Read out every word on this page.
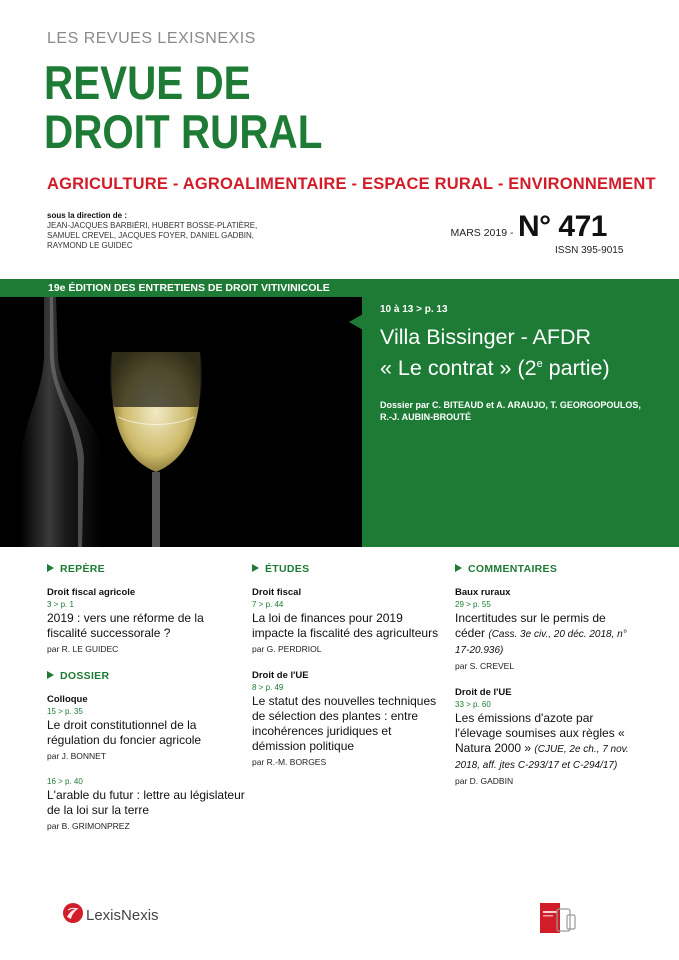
LES REVUES LEXISNEXIS
REVUE DE
DROIT RURAL
AGRICULTURE - AGROALIMENTAIRE - ESPACE RURAL - ENVIRONNEMENT
sous la direction de :
JEAN-JACQUES BARBIÉRI, HUBERT BOSSE-PLATIÈRE,
SAMUEL CREVEL, JACQUES FOYER, DANIEL GADBIN,
RAYMOND LE GUIDEC
MARS 2019 - N° 471
ISSN 395-9015
19e ÉDITION DES ENTRETIENS DE DROIT VITIVINICOLE
10 à 13 > p. 13
Villa Bissinger - AFDR
« Le contrat » (2e partie)
Dossier par C. BITEAUD et A. ARAUJO, T. GEORGOPOULOS,
R.-J. AUBIN-BROUTÉ
REPÈRE
Droit fiscal agricole
3 > p. 1
2019 : vers une réforme de la fiscalité successorale ?
par R. LE GUIDEC
DOSSIER
Colloque
15 > p. 35
Le droit constitutionnel de la régulation du foncier agricole
par J. BONNET
16 > p. 40
L'arable du futur : lettre au législateur de la loi sur la terre
par B. GRIMONPREZ
ÉTUDES
Droit fiscal
7 > p. 44
La loi de finances pour 2019 impacte la fiscalité des agriculteurs
par G. PERDRIOL
Droit de l'UE
8 > p. 49
Le statut des nouvelles techniques de sélection des plantes : entre incohérences juridiques et démission politique
par R.-M. BORGES
COMMENTAIRES
Baux ruraux
29 > p. 55
Incertitudes sur le permis de céder (Cass. 3e civ., 20 déc. 2018, n° 17-20.936)
par S. CREVEL
Droit de l'UE
33 > p. 60
Les émissions d'azote par l'élevage soumises aux règles « Natura 2000 » (CJUE, 2e ch., 7 nov. 2018, aff. jtes C-293/17 et C-294/17)
par D. GADBIN
LexisNexis
